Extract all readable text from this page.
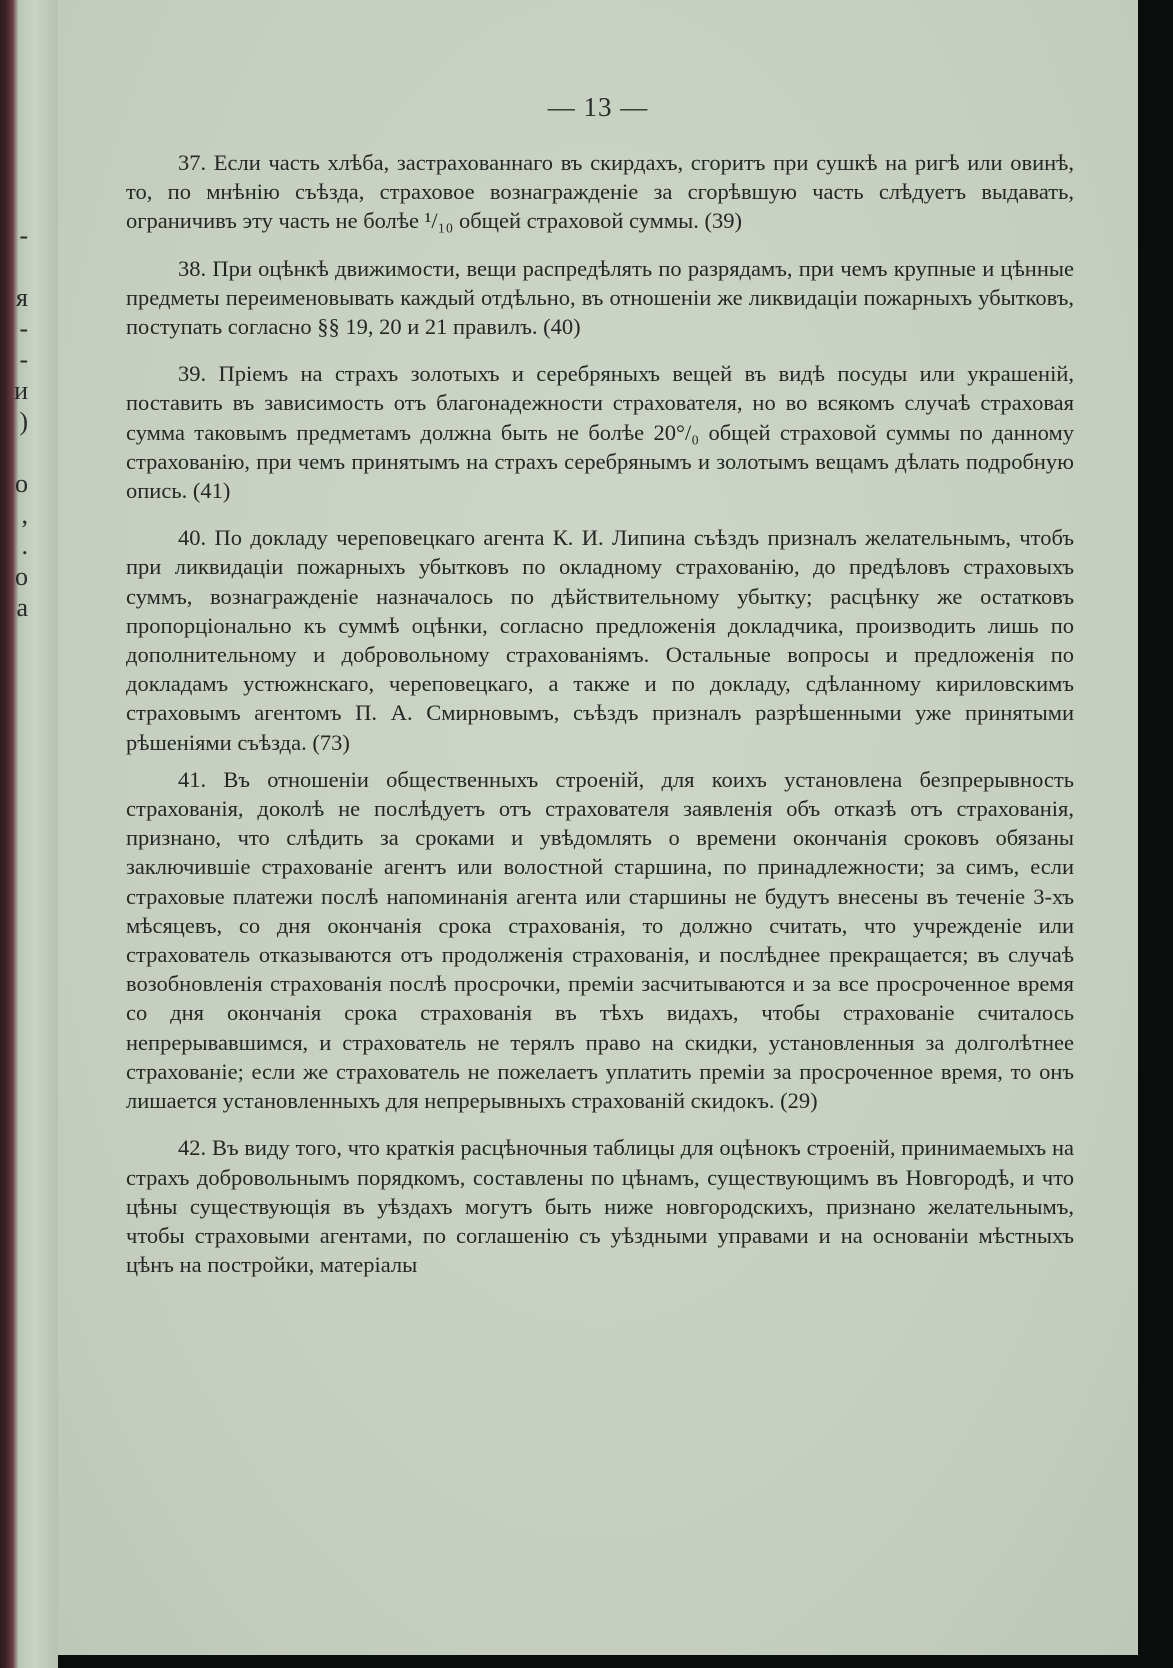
-
я
-
-
и
)
о
,
.
о
а
— 13 —

37. Если часть хлѣба, застрахованнаго въ скирдахъ, сгоритъ при сушкѣ на ригѣ или овинѣ, то, по мнѣнію съѣзда, страховое вознагражденіе за сгорѣвшую часть слѣдуетъ выдавать, ограничивъ эту часть не болѣе ¹/₁₀ общей страховой суммы. (39)

38. При оцѣнкѣ движимости, вещи распредѣлять по разрядамъ, при чемъ крупные и цѣнные предметы переименовывать каждый отдѣльно, въ отношеніи же ликвидаціи пожарныхъ убытковъ, поступать согласно §§ 19, 20 и 21 правилъ. (40)

39. Пріемъ на страхъ золотыхъ и серебряныхъ вещей въ видѣ посуды или украшеній, поставить въ зависимость отъ благонадежности страхователя, но во всякомъ случаѣ страховая сумма таковымъ предметамъ должна быть не болѣе 20°/₀ общей страховой суммы по данному страхованію, при чемъ принятымъ на страхъ серебрянымъ и золотымъ вещамъ дѣлать подробную опись. (41)

40. По докладу череповецкаго агента К. И. Липина съѣздъ призналъ желательнымъ, чтобъ при ликвидаціи пожарныхъ убытковъ по окладному страхованію, до предѣловъ страховыхъ суммъ, вознагражденіе назначалось по дѣйствительному убытку; расцѣнку же остатковъ пропорціонально къ суммѣ оцѣнки, согласно предложенія докладчика, производить лишь по дополнительному и добровольному страхованіямъ. Остальные вопросы и предложенія по докладамъ устюжнскаго, череповецкаго, а также и по докладу, сдѣланному кириловскимъ страховымъ агентомъ П. А. Смирновымъ, съѣздъ призналъ разрѣшенными уже принятыми рѣшеніями съѣзда. (73)

41. Въ отношеніи общественныхъ строеній, для коихъ установлена безпрерывность страхованія, доколѣ не послѣдуетъ отъ страхователя заявленія объ отказѣ отъ страхованія, признано, что слѣдить за сроками и увѣдомлять о времени окончанія сроковъ обязаны заключившіе страхованіе агентъ или волостной старшина, по принадлежности; за симъ, если страховые платежи послѣ напоминанія агента или старшины не будутъ внесены въ теченіе 3-хъ мѣсяцевъ, со дня окончанія срока страхованія, то должно считать, что учрежденіе или страхователь отказываются отъ продолженія страхованія, и послѣднее прекращается; въ случаѣ возобновленія страхованія послѣ просрочки, преміи засчитываются и за все просроченное время со дня окончанія срока страхованія въ тѣхъ видахъ, чтобы страхованіе считалось непрерывавшимся, и страхователь не терялъ право на скидки, установленныя за долголѣтнее страхованіе; если же страхователь не пожелаетъ уплатить преміи за просроченное время, то онъ лишается установленныхъ для непрерывныхъ страхованій скидокъ. (29)

42. Въ виду того, что краткія расцѣночныя таблицы для оцѣнокъ строеній, принимаемыхъ на страхъ добровольнымъ порядкомъ, составлены по цѣнамъ, существующимъ въ Новгородѣ, и что цѣны существующія въ уѣздахъ могутъ быть ниже новгородскихъ, признано желательнымъ, чтобы страховыми агентами, по соглашенію съ уѣздными управами и на основаніи мѣстныхъ цѣнъ на постройки, матеріалы
